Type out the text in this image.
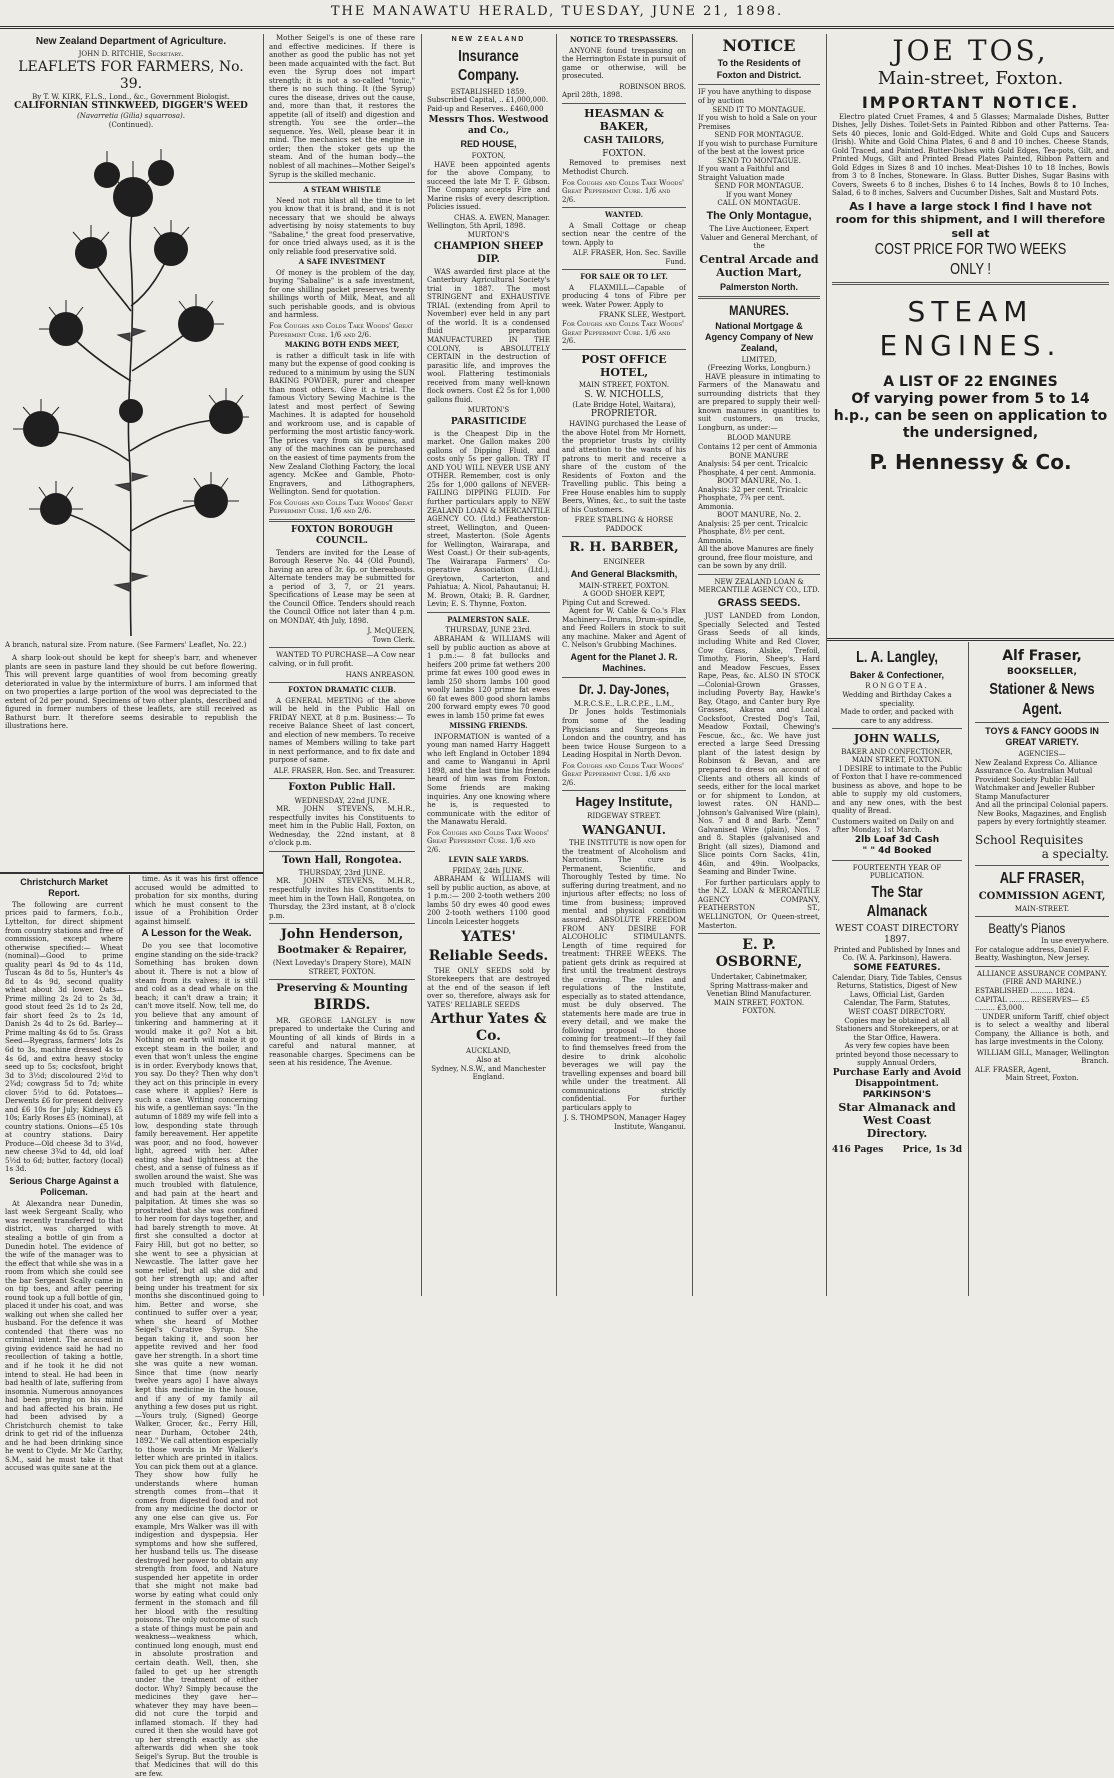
THE MANAWATU HERALD, TUESDAY, JUNE 21, 1898.
New Zealand Department of Agriculture.
JOHN D. RITCHIE, Secretary.
LEAFLETS FOR FARMERS, No. 39.
By T. W. KIRK, F.L.S., Lond., &c., Government Biologist.
CALIFORNIAN STINKWEED, DIGGER'S WEED
(Navarretia (Gilia) squarrosa).
(Continued).
A branch, natural size. From nature. (See Farmers' Leaflet, No. 22.)
A sharp look-out should be kept for sheep's barr, and whenever plants are seen in pasture land they should be cut before flowering. This will prevent large quantities of wool from becoming greatly deteriorated in value by the intermixture of burrs. I am informed that on two properties a large portion of the wool was depreciated to the extent of 2d per pound. Specimens of two other plants, described and figured in former numbers of these leaflets, are still received as Bathurst burr. It therefore seems desirable to republish the illustrations here.
Christchurch Market Report.
The following are current prices paid to farmers, f.o.b., Lyttelton, for direct shipment from country stations and free of commission, except where otherwise specified:— Wheat (nominal)—Good to prime quality pearl 4s 9d to 4s 11d, Tuscan 4s 8d to 5s, Hunter's 4s 8d to 4s 9d, second quality wheat about 3d lower. Oats—Prime milling 2s 2d to 2s 3d, good stout feed 2s 1d to 2s 2d, fair short feed 2s to 2s 1d, Danish 2s 4d to 2s 6d. Barley—Prime malting 4s 6d to 5s. Grass Seed—Ryegrass, farmers' lots 2s 6d to 3s, machine dressed 4s to 4s 6d, and extra heavy stocky seed up to 5s; cocksfoot, bright 3d to 3½d; discoloured 2½d to 2¾d; cowgrass 5d to 7d; white clover 5½d to 6d. Potatoes—Derwents £6 for present delivery and £6 10s for July; Kidneys £5 10s; Early Roses £5 (nominal), at country stations. Onions—£5 10s at country stations. Dairy Produce—Old cheese 3d to 3¼d, new cheese 3¾d to 4d, old loaf 5½d to 6d; butter, factory (local) 1s 3d.
Serious Charge Against a Policeman.
At Alexandra near Dunedin, last week Sergeant Scally, who was recently transferred to that district, was charged with stealing a bottle of gin from a Dunedin hotel. The evidence of the wife of the manager was to the effect that while she was in a room from which she could see the bar Sergeant Scally came in on tip toes, and after peering round took up a full bottle of gin, placed it under his coat, and was walking out when she called her husband. For the defence it was contended that there was no criminal intent. The accused in giving evidence said he had no recollection of taking a bottle, and if he took it he did not intend to steal. He had been in bad health of late, suffering from insomnia. Numerous annoyances had been preying on his mind and had affected his brain. He had been advised by a Christchurch chemist to take drink to get rid of the influenza and he had been drinking since he went to Clyde. Mr Mc Carthy, S.M., said he must take it that accused was quite sane at the
time. As it was his first offence accused would be admitted to probation for six months, during which he must consent to the issue of a Prohibition Order against himself.
A Lesson for the Weak.
Do you see that locomotive engine standing on the side-track? Something has broken down about it. There is not a blow of steam from its valves; it is still and cold as a dead whale on the beach; it can't draw a train; it can't move itself. Now, tell me, do you believe that any amount of tinkering and hammering at it would make it go? Not a bit. Nothing on earth will make it go except steam in the boiler, and even that won't unless the engine is in order. Everybody knows that, you say. Do they? Then why don't they act on this principle in every case where it applies? Here is such a case. Writing concerning his wife, a gentleman says: "In the autumn of 1889 my wife fell into a low, desponding state through family bereavement. Her appetite was poor, and no food, however light, agreed with her. After eating she had tightness at the chest, and a sense of fulness as if swollen around the waist. She was much troubled with flatulence, and had pain at the heart and palpitation. At times she was so prostrated that she was confined to her room for days together, and had barely strength to move. At first she consulted a doctor at Fairy Hill, but got no better, so she went to see a physician at Newcastle. The latter gave her some relief, but all she did and got her strength up; and after being under his treatment for six months she discontinued going to him. Better and worse, she continued to suffer over a year, when she heard of Mother Seigel's Curative Syrup. She began taking it, and soon her appetite revived and her food gave her strength. In a short time she was quite a new woman. Since that time (now nearly twelve years ago) I have always kept this medicine in the house, and if any of my family ail anything a few doses put us right.—Yours truly, (Signed) George Walker, Grocer, &c., Ferry Hill, near Durham, October 24th, 1892." We call attention especially to those words in Mr Walker's letter which are printed in italics. You can pick them out at a glance. They show how fully he understands where human strength comes from—that it comes from digested food and not from any medicine the doctor or any one else can give us. For example, Mrs Walker was ill with indigestion and dyspepsia. Her symptoms and how she suffered, her husband tells us. The disease destroyed her power to obtain any strength from food, and Nature suspended her appetite in order that she might not make bad worse by eating what could only ferment in the stomach and fill her blood with the resulting poisons. The only outcome of such a state of things must be pain and weakness—weakness which, continued long enough, must end in absolute prostration and certain death. Well, then, she failed to get up her strength under the treatment of either doctor. Why? Simply because the medicines they gave her—whatever they may have been—did not cure the torpid and inflamed stomach. If they had cured it then she would have got up her strength exactly as she afterwards did when she took Seigel's Syrup. But the trouble is that Medicines that will do this are few.
Mother Seigel's is one of these rare and effective medicines. If there is another as good the public has not yet been made acquainted with the fact. But even the Syrup does not impart strength; it is not a so-called "tonic," there is no such thing. It (the Syrup) cures the disease, drives out the cause, and, more than that, it restores the appetite (all of itself) and digestion and strength. You see the order—the sequence. Yes. Well, please bear it in mind. The mechanics set the engine in order; then the stoker gets up the steam. And of the human body—the noblest of all machines—Mother Seigel's Syrup is the skilled mechanic.
A STEAM WHISTLE
Need not run blast all the time to let you know that it is brand, and it is not necessary that we should be always advertising by noisy statements to buy "Sabaline," the great food preservative, for once tried always used, as it is the only reliable food preservative sold.
A SAFE INVESTMENT
Of money is the problem of the day, buying "Sabaline" is a safe investment, for one shilling packet preserves twenty shillings worth of Milk, Meat, and all such perishable goods, and is obvious and harmless.
For Coughs and Colds Take Woods' Great Peppermint Cure. 1/6 and 2/6.
MAKING BOTH ENDS MEET,
is rather a difficult task in life with many but the expense of good cooking is reduced to a minimum by using the SUN BAKING POWDER, purer and cheaper than most others. Give it a trial. The famous Victory Sewing Machine is the latest and most perfect of Sewing Machines. It is adapted for household and workroom use, and is capable of performing the most artistic fancy-work. The prices vary from six guineas, and any of the machines can be purchased on the easiest of time payments from the New Zealand Clothing Factory, the local agency. McKee and Gamble, Photo-Engravers, and Lithographers, Wellington. Send for quotation.
For Coughs and Colds Take Woods' Great Peppermint Cure. 1/6 and 2/6.
FOXTON BOROUGH COUNCIL.
Tenders are invited for the Lease of Borough Reserve No. 44 (Old Pound), having an area of 3r. 6p. or thereabouts. Alternate tenders may be submitted for a period of 3, 7, or 21 years. Specifications of Lease may be seen at the Council Office. Tenders should reach the Council Office not later than 4 p.m. on MONDAY, 4th July, 1898.
J. McQUEEN,
Town Clerk.
WANTED TO PURCHASE—A Cow near calving, or in full profit.
HANS ANREASON.
FOXTON DRAMATIC CLUB.
A GENERAL MEETING of the above will be held in the Public Hall on FRIDAY NEXT, at 8 p.m. Business:— To receive Balance Sheet of last concert, and election of new members. To receive names of Members willing to take part in next performance, and to fix date and purpose of same.
ALF. FRASER, Hon. Sec. and Treasurer.
Foxton Public Hall.
WEDNESDAY, 22nd JUNE.
MR. JOHN STEVENS, M.H.R., respectfully invites his Constituents to meet him in the Public Hall, Foxton, on Wednesday, the 22nd instant, at 8 o'clock p.m.
Town Hall, Rongotea.
THURSDAY, 23rd JUNE.
MR. JOHN STEVENS, M.H.R., respectfully invites his Constituents to meet him in the Town Hall, Rongotea, on Thursday, the 23rd instant, at 8 o'clock p.m.
John Henderson,
Bootmaker & Repairer,
(Next Loveday's Drapery Store), MAIN STREET, FOXTON.
Preserving & Mounting
BIRDS.
MR. GEORGE LANGLEY is now prepared to undertake the Curing and Mounting of all kinds of Birds in a careful and natural manner, at reasonable charges. Specimens can be seen at his residence, The Avenue.
NEW ZEALAND
Insurance Company.
ESTABLISHED 1859.
Subscribed Capital, .. £1,000,000. Paid-up and Reserves.. £460,000
Messrs Thos. Westwood and Co.,
RED HOUSE,
FOXTON,
HAVE been appointed agents for the above Company, to succeed the late Mr T. F. Gibson. The Company accepts Fire and Marine risks of every description. Policies issued.
CHAS. A. EWEN, Manager.
Wellington, 5th April, 1898.
MURTON'S
CHAMPION SHEEP DIP.
WAS awarded first place at the Canterbury Agricultural Society's trial in 1887. The most STRINGENT and EXHAUSTIVE TRIAL (extending from April to November) ever held in any part of the world. It is a condensed fluid preparation MANUFACTURED IN THE COLONY, is ABSOLUTELY CERTAIN in the destruction of parasitic life, and improves the wool. Flattering testimonials received from many well-known flock owners. Cost £2 5s for 1,000 gallons fluid.
MURTON'S
PARASITICIDE
is the Cheapest Dip in the market. One Gallon makes 200 gallons of Dipping Fluid, and costs only 5s per gallon. TRY IT AND YOU WILL NEVER USE ANY OTHER. Remember, cost is only 25s for 1,000 gallons of NEVER-FAILING DIPPING FLUID. For further particulars apply to NEW ZEALAND LOAN & MERCANTILE AGENCY CO. (Ltd.) Featherston-street, Wellington, and Queen-street, Masterton. (Sole Agents for Wellington, Wairarapa, and West Coast.) Or their sub-agents, The Wairarapa Farmers' Co-operative Association (Ltd.), Greytown, Carterton, and Pahiatua; A. Nicol, Pahautanui; H. M. Brown, Otaki; B. R. Gardner, Levin; E. S. Thynne, Foxton.
PALMERSTON SALE.
THURSDAY, JUNE 23rd.
ABRAHAM & WILLIAMS will sell by public auction as above at 1 p.m.:— 8 fat bullocks and heifers 200 prime fat wethers 200 prime fat ewes 100 good ewes in lamb 250 shorn lambs 100 good woolly lambs 120 prime fat ewes 60 fat ewes 800 good shorn lambs 200 forward empty ewes 70 good ewes in lamb 150 prime fat ewes
MISSING FRIENDS.
INFORMATION is wanted of a young man named Harry Haggett who left England in October 1894 and came to Wanganui in April 1898, and the last time his friends heard of him was from Foxton. Some friends are making inquiries. Any one knowing where he is, is requested to communicate with the editor of the Manawatu Herald.
For Coughs and Colds Take Woods' Great Peppermint Cure. 1/6 and 2/6.
LEVIN SALE YARDS.
FRIDAY, 24th JUNE.
ABRAHAM & WILLIAMS will sell by public auction, as above, at 1 p.m.:— 200 2-tooth wethers 200 lambs 50 dry ewes 40 good ewes 200 2-tooth wethers 1100 good Lincoln Leicester hoggets
YATES'
Reliable Seeds.
THE ONLY SEEDS sold by Storekeepers that are destroyed at the end of the season if left over so, therefore, always ask for YATES' RELIABLE SEEDS
Arthur Yates & Co.
AUCKLAND,
Also at
Sydney, N.S.W., and Manchester England.
NOTICE TO TRESPASSERS.
ANYONE found trespassing on the Herrington Estate in pursuit of game or otherwise, will be prosecuted.
ROBINSON BROS.
April 28th, 1898.
HEASMAN & BAKER,
CASH TAILORS,
FOXTON.
Removed to premises next Methodist Church.
For Coughs and Colds Take Woods' Great Peppermint Cure. 1/6 and 2/6.
WANTED.
A Small Cottage or cheap section near the centre of the town. Apply to
ALF. FRASER, Hon. Sec. Saville Fund.
FOR SALE OR TO LET.
A FLAXMILL—Capable of producing 4 tons of Fibre per week. Water Power. Apply to
FRANK SLEE, Westport.
For Coughs and Colds Take Woods' Great Peppermint Cure. 1/6 and 2/6.
POST OFFICE HOTEL,
MAIN STREET, FOXTON.
S. W. NICHOLLS,
(Late Bridge Hotel, Waitara),
PROPRIETOR.
HAVING purchased the Lease of the above Hotel from Mr Hornett, the proprietor trusts by civility and attention to the wants of his patrons to merit and receive a share of the custom of the Residents of Foxton and the Travelling public. This being a Free House enables him to supply Beers, Wines, &c., to suit the taste of his Customers.
FREE STABLING & HORSE PADDOCK
R. H. BARBER,
ENGINEER
And General Blacksmith,
MAIN-STREET, FOXTON.
A GOOD SHOER KEPT,
Piping Cut and Screwed.
Agent for W. Cable & Co.'s Flax Machinery—Drums, Drum-spindle, and Feed Rollers in stock to suit any machine. Maker and Agent of C. Nelson's Grubbing Machines.
Agent for the Planet J. R. Machines.
Dr. J. Day-Jones,
M.R.C.S.E., L.R.C.P.E., L.M.,
Dr Jones holds Testimonials from some of the leading Physicians and Surgeons in London and the country, and has been twice House Surgeon to a Leading Hospital in North Devon.
For Coughs and Colds Take Woods' Great Peppermint Cure. 1/6 and 2/6.
Hagey Institute,
RIDGEWAY STREET.
WANGANUI.
THE INSTITUTE is now open for the treatment of Alcoholism and Narcotism. The cure is Permanent, Scientific, and Thoroughly Tested by time. No suffering during treatment, and no injurious after effects; no loss of time from business; improved mental and physical condition assured. ABSOLUTE FREEDOM FROM ANY DESIRE FOR ALCOHOLIC STIMULANTS. Length of time required for treatment: THREE WEEKS. The patient gets drink as required at first until the treatment destroys the craving. The rules and regulations of the Institute, especially as to stated attendance, must be duly observed. The statements here made are true in every detail, and we make the following proposal to those coming for treatment:—If they fail to find themselves freed from the desire to drink alcoholic beverages we will pay the travelling expenses and board bill while under the treatment. All communications strictly confidential. For further particulars apply to
J. S. THOMPSON, Manager Hagey Institute, Wanganui.
NOTICE
To the Residents of
Foxton and District.
IF you have anything to dispose of by auction
SEND IT TO MONTAGUE.
If you wish to hold a Sale on your Premises
SEND FOR MONTAGUE.
If you wish to purchase Furniture of the best at the lowest price
SEND TO MONTAGUE.
If you want a Faithful and Straight Valuation made
SEND FOR MONTAGUE.
If you want Money
CALL ON MONTAGUE.
The Only Montague,
The Live Auctioneer, Expert Valuer and General Merchant, of the
Central Arcade and Auction Mart,
Palmerston North.
MANURES.
National Mortgage & Agency Company of New Zealand,
LIMITED,
(Freezing Works, Longburn.)
HAVE pleasure in intimating to Farmers of the Manawatu and surrounding districts that they are prepared to supply their well-known manures in quantities to suit customers, on trucks, Longburn, as under:—
BLOOD MANURE
Contains 12 per cent of Ammonia
BONE MANURE
Analysis: 54 per cent. Tricalcic Phosphate, 4 per cent. Ammonia.
BOOT MANURE, No. 1.
Analysis: 32 per cent. Tricalcic Phosphate, 7¾ per cent. Ammonia.
BOOT MANURE, No. 2.
Analysis: 25 per cent. Tricalcic Phosphate, 8½ per cent. Ammonia.
All the above Manures are finely ground, free flour moisture, and can be sown by any drill.
NEW ZEALAND LOAN & MERCANTILE AGENCY CO., LTD.
GRASS SEEDS.
JUST LANDED from London, Specially Selected and Tested Grass Seeds of all kinds, including White and Red Clover, Cow Grass, Alsike, Trefoil, Timothy, Fiorin, Sheep's, Hard and Meadow Fescues, Essex Rape, Peas, &c. ALSO IN STOCK—Colonial-Grown Grasses, including Poverty Bay, Hawke's Bay, Otago, and Canter bury Rye Grasses, Akaroa and Local Cocksfoot, Crested Dog's Tail, Meadow Foxtail, Chewing's Fescue, &c., &c. We have just erected a large Seed Dressing plant of the latest design by Robinson & Bevan, and are prepared to dress on account of Clients and others all kinds of seeds, either for the local market or for shipment to London, at lowest rates. ON HAND— Johnson's Galvanised Wire (plain), Nos. 7 and 8 and Barb. "Zenn" Galvanised Wire (plain), Nos. 7 and 8. Staples (galvanised and Bright (all sizes), Diamond and Slice points Corn Sacks, 41in, 46in, and 49in. Woolpacks, Seaming and Binder Twine.
For further particulars apply to the N.Z. LOAN & MERCANTILE AGENCY COMPANY, FEATHERSTON ST., WELLINGTON, Or Queen-street, Masterton.
E. P. OSBORNE,
Undertaker, Cabinetmaker, Spring Mattrass-maker and Venetian Blind Manufacturer. MAIN STREET, FOXTON.
FOXTON.
JOE TOS,
Main-street, Foxton.
IMPORTANT NOTICE.
Electro plated Cruet Frames, 4 and 5 Glasses; Marmalade Dishes, Butter Dishes, Jelly Dishes. Toilet-Sets in Painted Ribbon and other Patterns. Tea-Sets 40 pieces, Ionic and Gold-Edged. White and Gold Cups and Saucers (Irish). White and Gold China Plates, 6 and 8 and 10 inches. Cheese Stands, Gold Traced, and Painted. Butter-Dishes with Gold Edges, Tea-pots, Gilt, and Printed Mugs, Gilt and Printed Bread Plates Painted, Ribbon Pattern and Gold Edges in Sizes 8 and 10 inches. Meat-Dishes 10 to 18 Inches, Bowls from 3 to 8 Inches, Stoneware. In Glass. Butter Dishes, Sugar Basins with Covers, Sweets 6 to 8 inches, Dishes 6 to 14 Inches, Bowls 8 to 10 Inches, Salad, 6 to 8 inches, Salvers and Cucumber Dishes, Salt and Mustard Pots.
As I have a large stock I find I have not room for this shipment, and I will therefore sell at
COST PRICE FOR TWO WEEKS ONLY !
STEAM
ENGINES.
A LIST OF 22 ENGINES
Of varying power from 5 to 14 h.p., can be seen on application to the undersigned,
P. Hennessy & Co.
L. A. Langley,
Baker & Confectioner,
RONGOTEA.
Wedding and Birthday Cakes a speciality.
Made to order, and packed with care to any address.
JOHN WALLS,
BAKER AND CONFECTIONER,
MAIN STREET, FOXTON.
I DESIRE to intimate to the Public of Foxton that I have re-commenced business as above, and hope to be able to supply my old customers, and any new ones, with the best quality of Bread.
Customers waited on Daily on and after Monday, 1st March.
2lb Loaf 3d Cash
" " 4d Booked
FOURTEENTH YEAR OF PUBLICATION.
The Star Almanack
WEST COAST DIRECTORY 1897.
Printed and Published by Innes and Co. (W. A. Parkinson), Hawera.
SOME FEATURES.
Calendar, Diary, Tide Tables, Census Returns, Statistics, Digest of New Laws, Official List, Garden Calendar, The Farm, Statutes,
WEST COAST DIRECTORY.
Copies may be obtained at all Stationers and Storekeepers, or at the Star Office, Hawera.
As very few copies have been printed beyond those necessary to supply Annual Orders,
Purchase Early and Avoid Disappointment.
PARKINSON'S
Star Almanack and West Coast Directory.
416 Pages Price, 1s 3d
Alf Fraser,
BOOKSELLER,
Stationer & News Agent.
TOYS & FANCY GOODS IN GREAT VARIETY.
AGENCIES—
New Zealand Express Co. Alliance Assurance Co. Australian Mutual Provident Society Public Hall Watchmaker and Jeweller Rubber Stamp Manufacturer
And all the principal Colonial papers.
New Books, Magazines, and English papers by every fortnightly steamer.
School Requisites
a specialty.
ALF FRASER,
COMMISSION AGENT,
MAIN-STREET.
Beatty's Pianos
In use everywhere.
For catalogue address, Daniel F. Beatty, Washington, New Jersey.
ALLIANCE ASSURANCE COMPANY.
(FIRE AND MARINE.)
ESTABLISHED .......... 1824.
CAPITAL ......... RESERVES— £5 ......... £3,000.
UNDER uniform Tariff, chief object is to select a wealthy and liberal Company, the Alliance is both, and has large investments in the Colony.
WILLIAM GILL, Manager, Wellington Branch.
ALF. FRASER, Agent,
Main Street, Foxton.
